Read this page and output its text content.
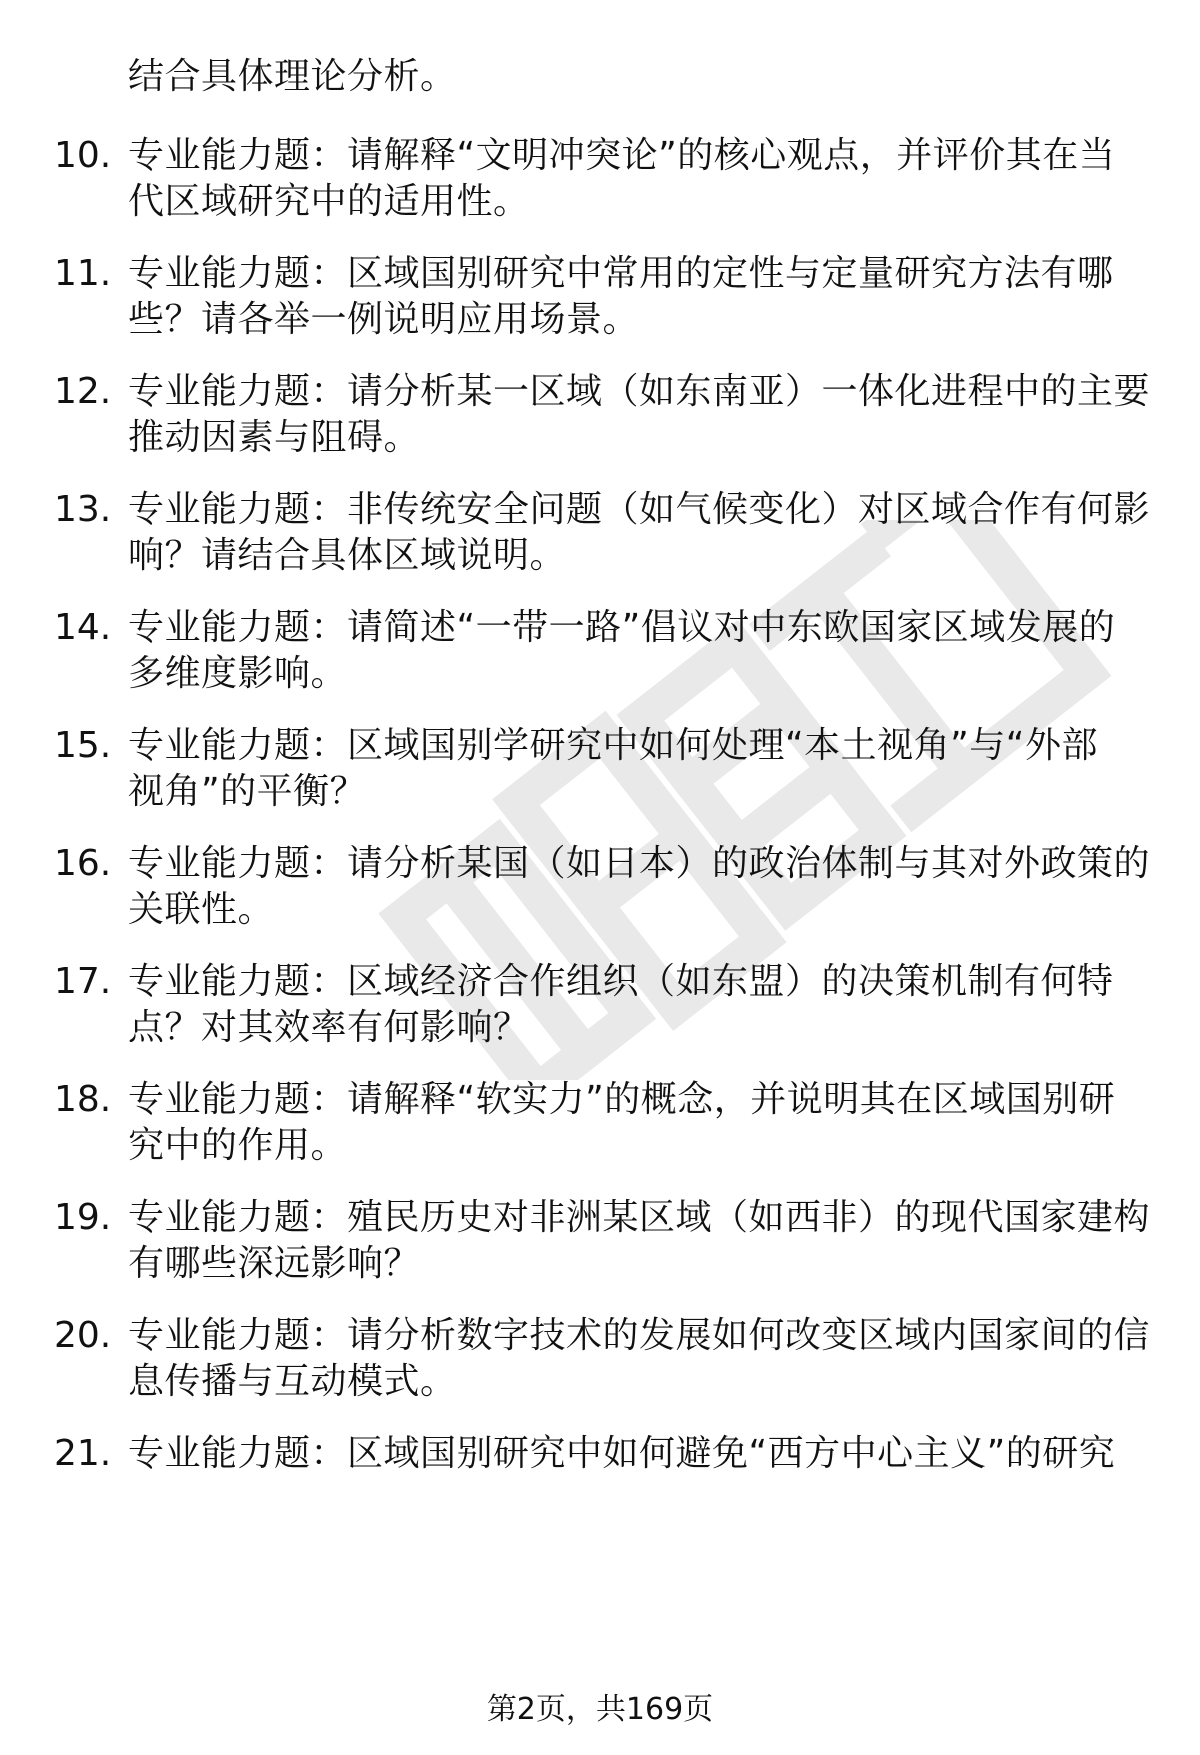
结合具体理论分析。
10. 专业能力题：请解释“文明冲突论”的核心观点，并评价其在当
代区域研究中的适用性。
11. 专业能力题：区域国别研究中常用的定性与定量研究方法有哪
些？请各举一例说明应用场景。
12. 专业能力题：请分析某一区域（如东南亚）一体化进程中的主要
推动因素与阻碍。
13. 专业能力题：非传统安全问题（如气候变化）对区域合作有何影
响？请结合具体区域说明。
14. 专业能力题：请简述“一带一路”倡议对中东欧国家区域发展的
多维度影响。
15. 专业能力题：区域国别学研究中如何处理“本土视角”与“外部
视角”的平衡？
16. 专业能力题：请分析某国（如日本）的政治体制与其对外政策的
关联性。
17. 专业能力题：区域经济合作组织（如东盟）的决策机制有何特
点？对其效率有何影响？
18. 专业能力题：请解释“软实力”的概念，并说明其在区域国别研
究中的作用。
19. 专业能力题：殖民历史对非洲某区域（如西非）的现代国家建构
有哪些深远影响？
20. 专业能力题：请分析数字技术的发展如何改变区域内国家间的信
息传播与互动模式。
21. 专业能力题：区域国别研究中如何避免“西方中心主义”的研究
第2页，共169页
